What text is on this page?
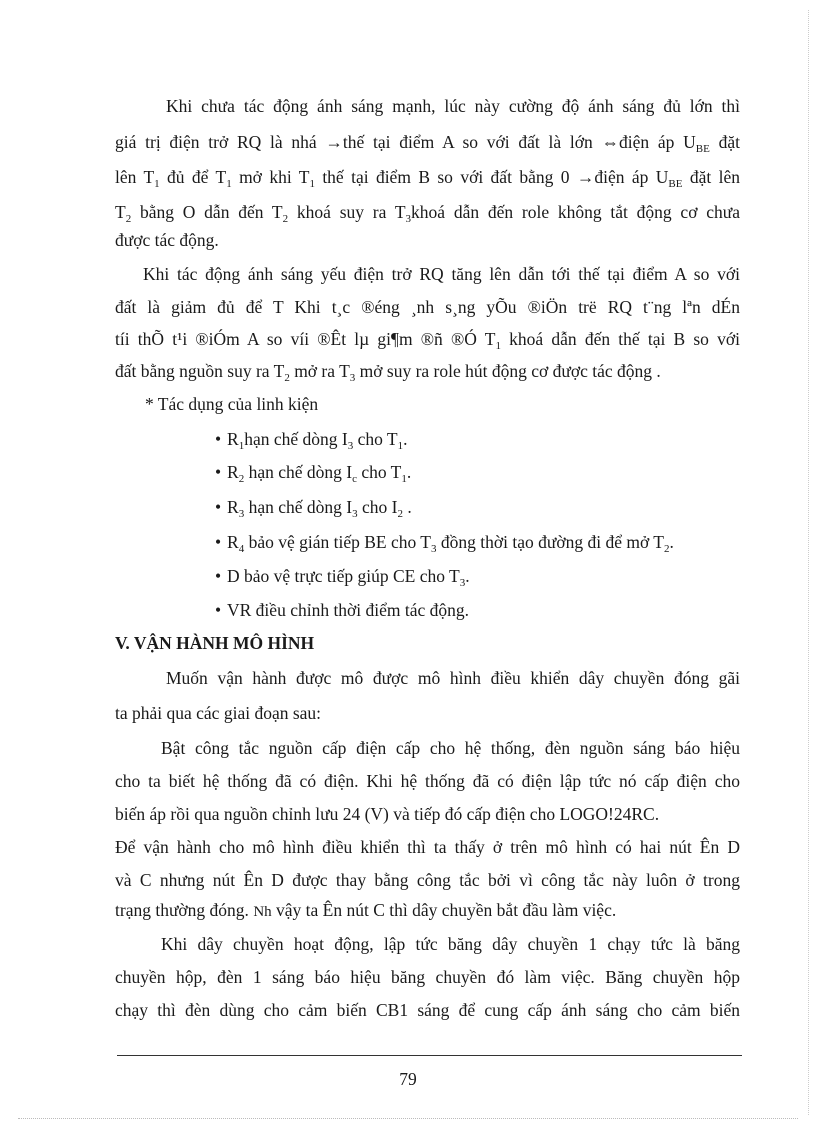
Khi chưa tác động ánh sáng mạnh, lúc này cường độ ánh sáng đủ lớn thì
giá trị điện trở RQ là nhá →thế tại điểm A so với đất là lớn ⇔điện áp $U_{BE}$ đặt
lên $T_1$ đủ để $T_1$ mở khi $T_1$ thế tại điểm B so với đất bằng 0 →điện áp $U_{BE}$ đặt lên
$T_2$ bằng O dẫn đến $T_2$ khoá suy ra $T_3khoá$ dẫn đến role không tắt động cơ chưa
được tác động.
Khi tác động ánh sáng yếu điện trở RQ tăng lên dẫn tới thế tại điểm A so với
đất là giảm đủ để T Khi t¸c ®éng ¸nh s¸ng yÕu ®iÖn trë RQ t¨ng lªn dÉn
tíi thÕ t¹i ®iÓm A so víi ®Êt lµ gi¶m ®ñ ®Ó $T_1$ khoá dẫn đến thế tại B so với
đất bằng nguồn suy ra $T_2$ mở ra $T_3$ mở suy ra role hút động cơ được tác động .
* Tác dụng của linh kiện
• $R_1hạn$ chế dòng $I_3$ cho $T_1$.
• $R_2$ hạn chế dòng $I_c$ cho $T_1$.
• $R_3$ hạn chế dòng $I_3$ cho $I_2$ .
• $R_4$ bảo vệ gián tiếp BE cho $T_3$ đồng thời tạo đường đi để mở $T_2$.
• D bảo vệ trực tiếp giúp CE cho $T_3$.
• VR điều chỉnh thời điểm tác động.
V. VẬN HÀNH MÔ HÌNH
Muốn vận hành được mô được mô hình điều khiển dây chuyền đóng gãi
ta phải qua các giai đoạn sau:
Bật công tắc nguồn cấp điện cấp cho hệ thống, đèn nguồn sáng báo hiệu
cho ta biết hệ thống đã có điện. Khi hệ thống đã có điện lập tức nó cấp điện cho
biến áp rồi qua nguồn chỉnh lưu 24 (V) và tiếp đó cấp điện cho LOGO!24RC.
Để vận hành cho mô hình điều khiển thì ta thấy ở trên mô hình có hai nút Ên D
và C nhưng nút Ên D được thay bằng công tắc bởi vì công tắc này luôn ở trong
trạng thường đóng. Nh vậy ta Ên nút C thì dây chuyền bắt đầu làm việc.
Khi dây chuyền hoạt động, lập tức băng dây chuyền 1 chạy tức là băng
chuyền hộp, đèn 1 sáng báo hiệu băng chuyền đó làm việc. Băng chuyền hộp
chạy thì đèn dùng cho cảm biến CB1 sáng để cung cấp ánh sáng cho cảm biến
79
